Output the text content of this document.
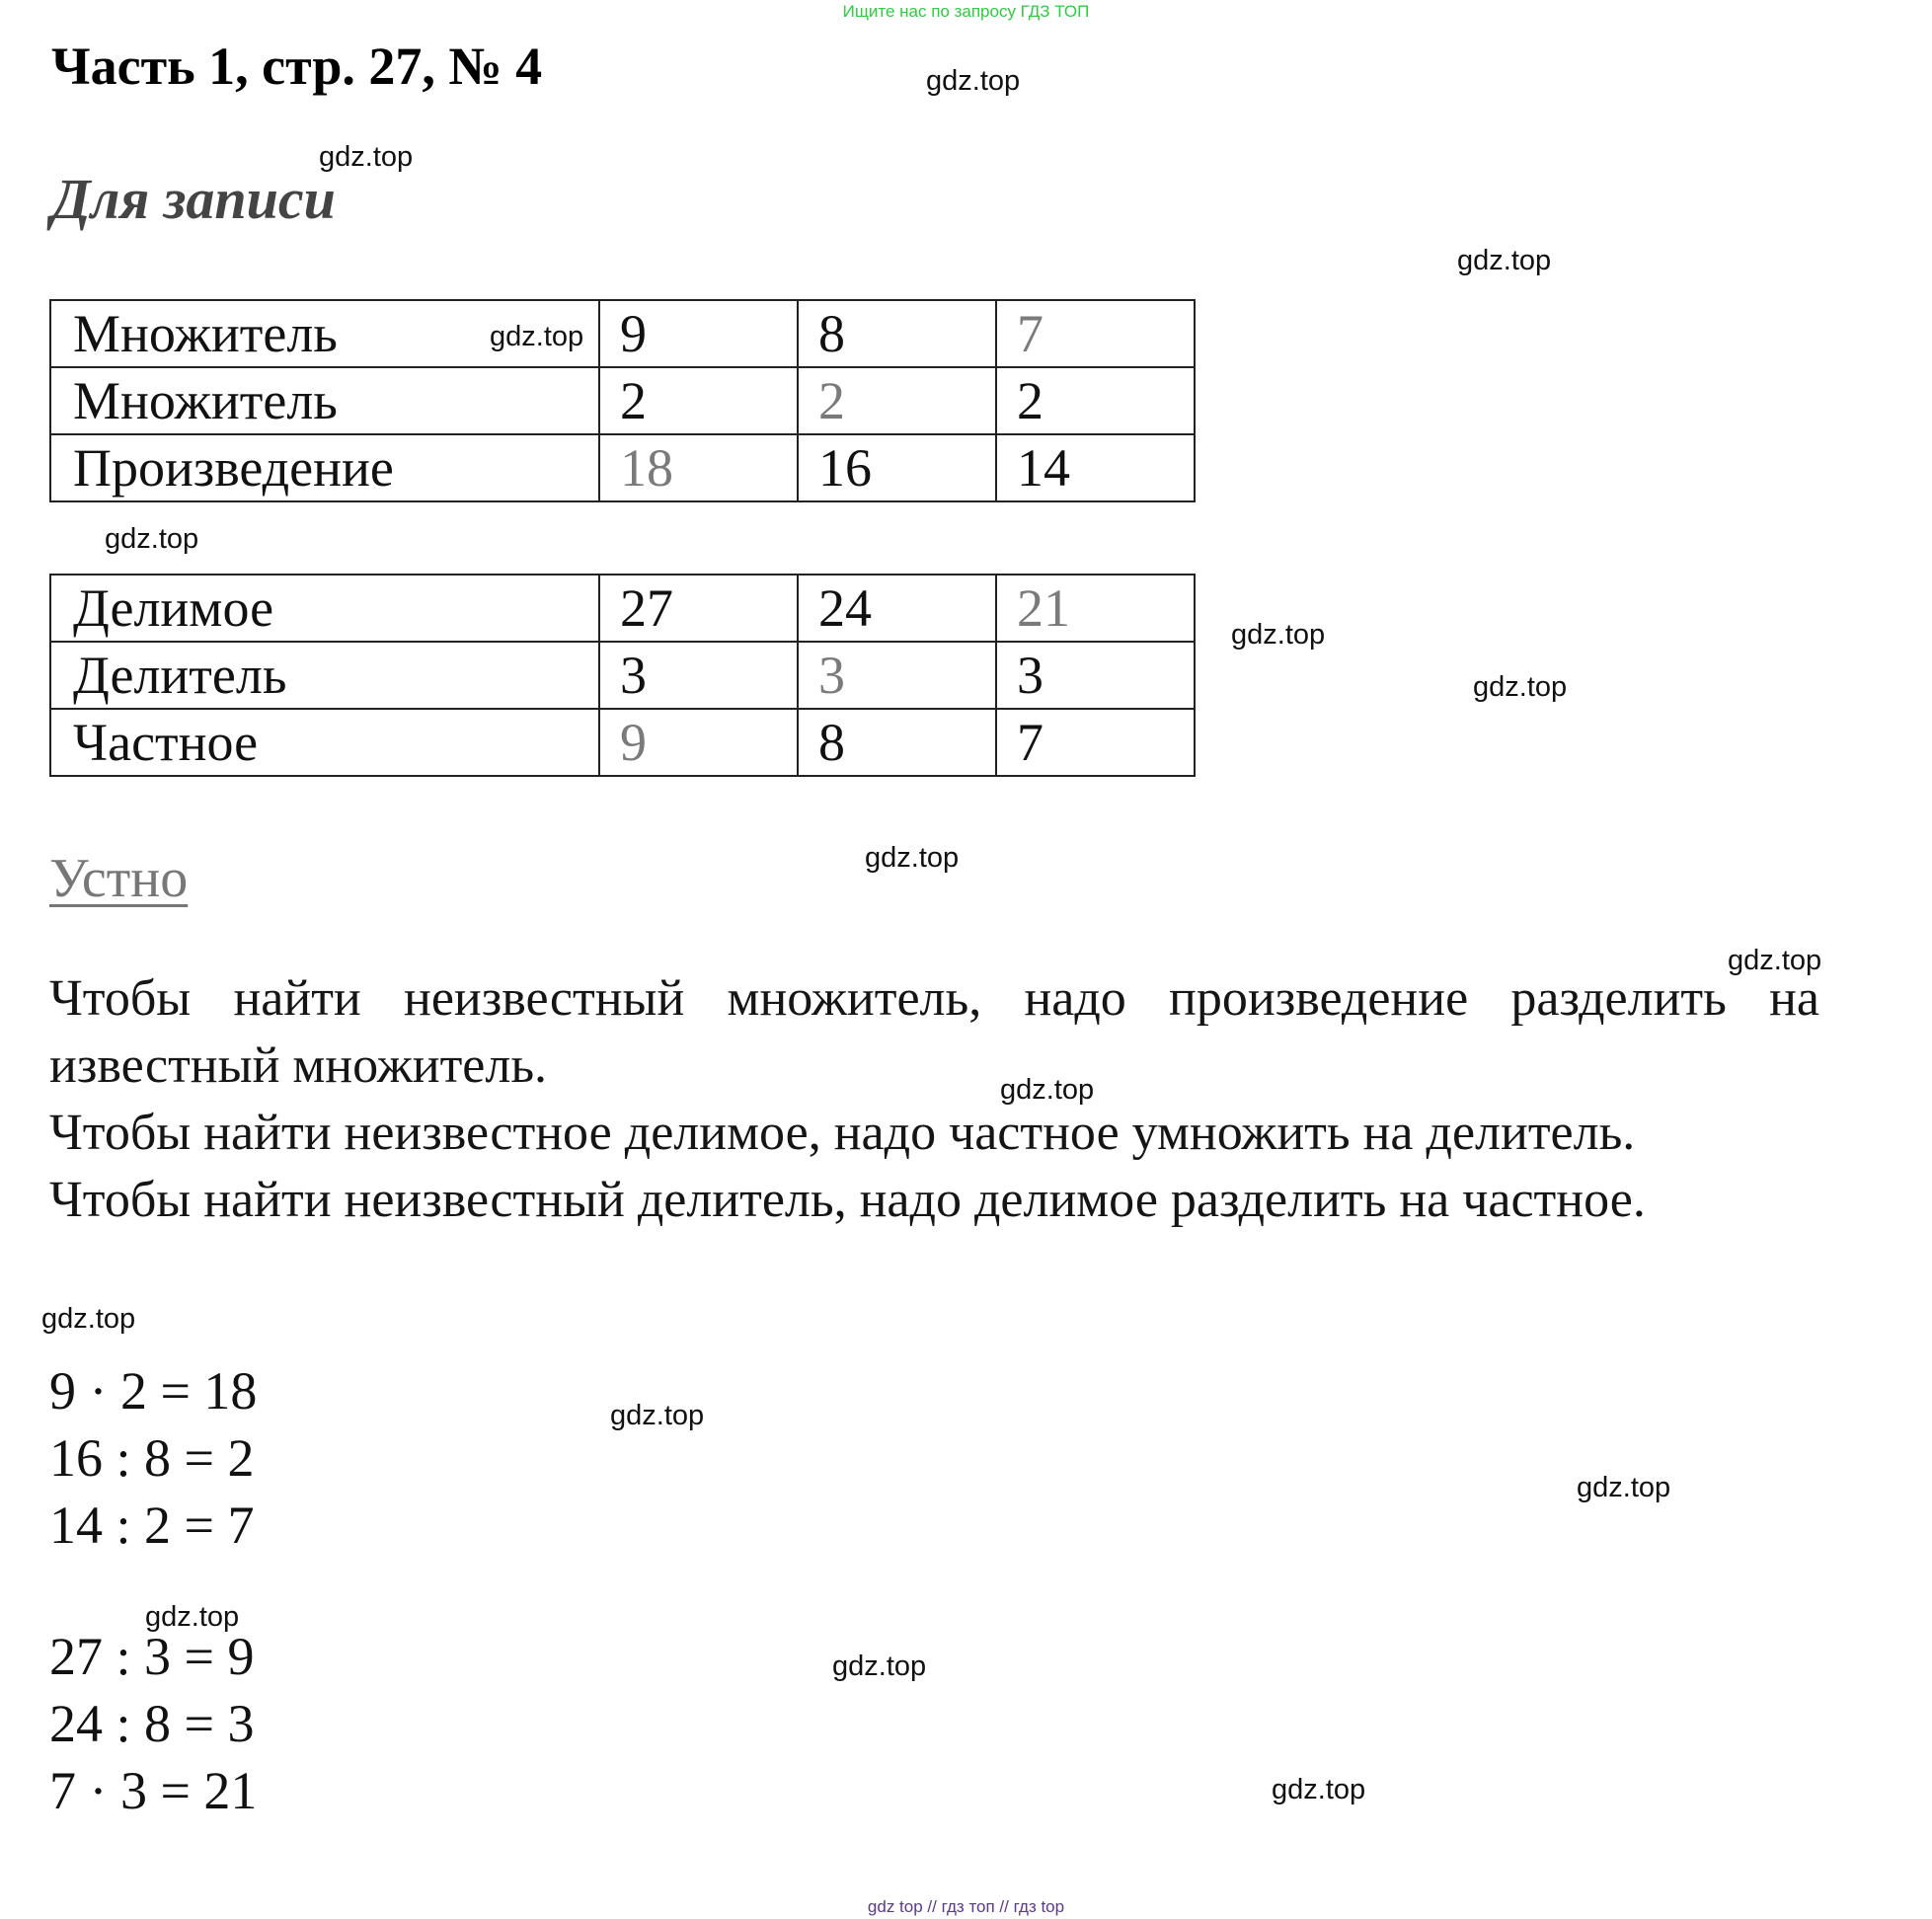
Ищите нас по запросу ГДЗ ТОП
Часть 1, стр. 27, № 4
Для записи
Множитель	9	8	7
Множитель	2	2	2
Произведение	18	16	14
Делимое	27	24	21
Делитель	3	3	3
Частное	9	8	7
Устно

Чтобы найти неизвестный множитель, надо произведение разделить на известный множитель.

Чтобы найти неизвестное делимое, надо частное умножить на делитель.

Чтобы найти неизвестный делитель, надо делимое разделить на частное.

9 · 2 = 18
16 : 8 = 2
14 : 2 = 7
27 : 3 = 9
24 : 8 = 3
7 · 3 = 21
gdz.top
gdz.top
gdz.top
gdz.top
gdz.top
gdz.top
gdz.top
gdz.top
gdz.top
gdz.top
gdz.top
gdz.top
gdz.top
gdz.top
gdz.top
gdz.top
gdz top // гдз топ // гдз top
